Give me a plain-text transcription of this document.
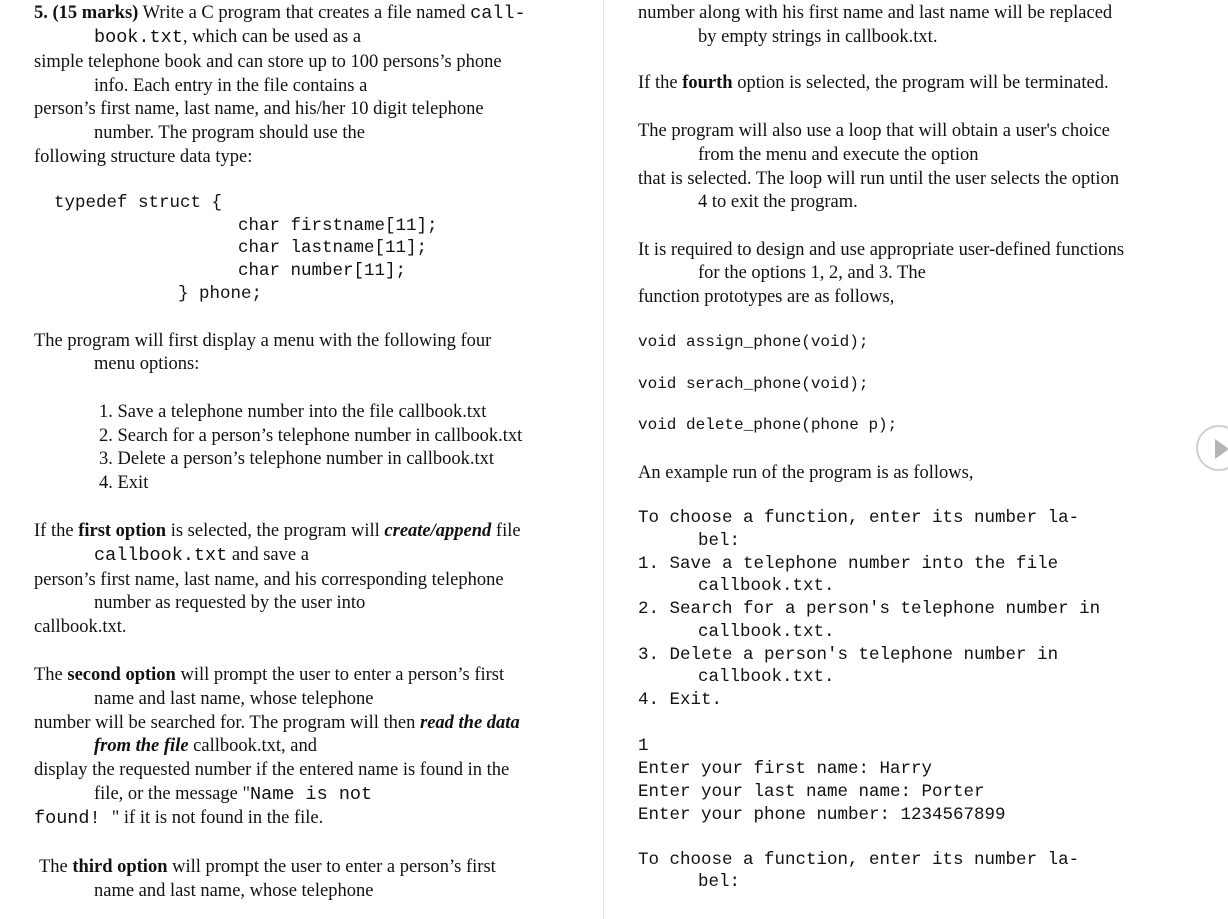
5. (15 marks) Write a C program that creates a file named call-
book.txt, which can be used as a
simple telephone book and can store up to 100 persons’s phone
info. Each entry in the file contains a
person’s first name, last name, and his/her 10 digit telephone
number. The program should use the
following structure data type:
typedef struct {
char firstname[11];
char lastname[11];
char number[11];
} phone;
The program will first display a menu with the following four
menu options:
1. Save a telephone number into the file callbook.txt
2. Search for a person’s telephone number in callbook.txt
3. Delete a person’s telephone number in callbook.txt
4. Exit
If the first option is selected, the program will create/append file
callbook.txt and save a
person’s first name, last name, and his corresponding telephone
number as requested by the user into
callbook.txt.
The second option will prompt the user to enter a person’s first
name and last name, whose telephone
number will be searched for. The program will then read the data
from the file callbook.txt, and
display the requested number if the entered name is found in the
file, or the message "Name is not
found! " if it is not found in the file.
The third option will prompt the user to enter a person’s first
name and last name, whose telephone
number along with his first name and last name will be replaced
by empty strings in callbook.txt.
If the fourth option is selected, the program will be terminated.
The program will also use a loop that will obtain a user's choice
from the menu and execute the option
that is selected. The loop will run until the user selects the option
4 to exit the program.
It is required to design and use appropriate user-defined functions
for the options 1, 2, and 3. The
function prototypes are as follows,
void assign_phone(void);
void serach_phone(void);
void delete_phone(phone p);
An example run of the program is as follows,
To choose a function, enter its number la-
bel:
1. Save a telephone number into the file
callbook.txt.
2. Search for a person's telephone number in
callbook.txt.
3. Delete a person's telephone number in
callbook.txt.
4. Exit.
1
Enter your first name: Harry
Enter your last name name: Porter
Enter your phone number: 1234567899
To choose a function, enter its number la-
bel:
